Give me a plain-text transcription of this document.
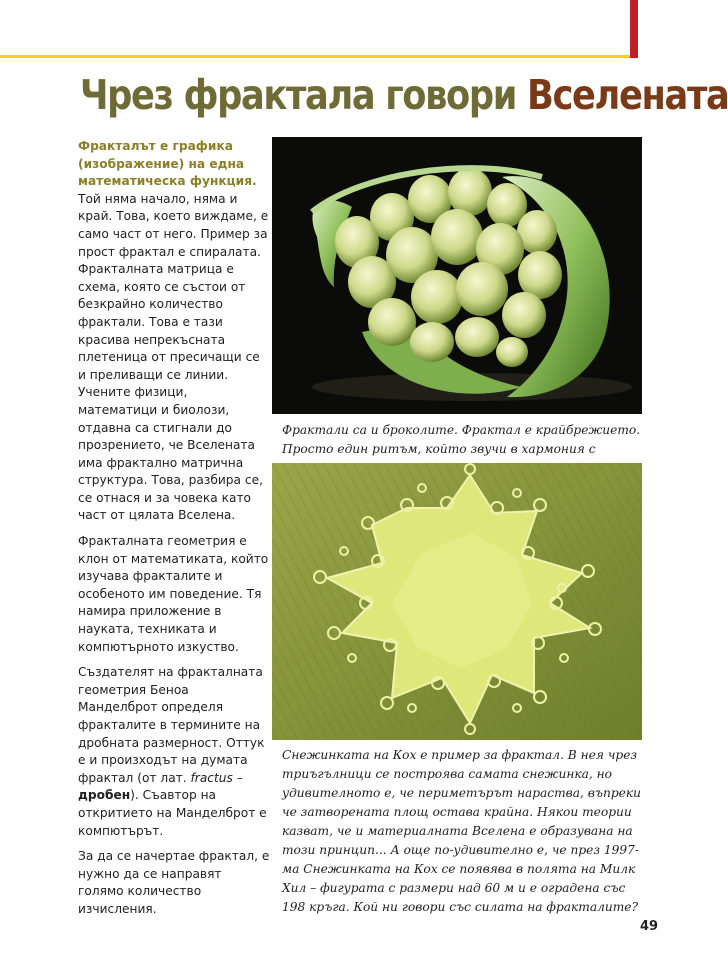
Чрез фрактала говори Вселената

Фракталът е графика (изображение) на една математическа функция. Той няма начало, няма и край. Това, което виждаме, е само част от него. Пример за прост фрактал е спиралата. Фракталната матрица е схема, която се състои от безкрайно количество фрактали. Това е тази красива непрекъсната плетеница от пресичащи се и преливащи се линии. Учените физици, математици и биолози, отдавна са стигнали до прозрението, че Вселената има фрактално матрична структура. Това, разбира се, се отнася и за човека като част от цялата Вселена.

Фракталната геометрия е клон от математиката, който изучава фракталите и особеното им поведение. Тя намира приложение в науката, техниката и компютърното изкуство.

Създателят на фракталната геометрия Беноа Манделброт определя фракталите в термините на дробната размерност. Оттук е и произходът на думата фрактал (от лат. fractus – дробен). Съавтор на откритието на Манделброт е компютърът.

За да се начертае фрактал, е нужно да се направят голямо количество изчисления.

Фрактали са и броколите. Фрактал е крайбрежието. Просто един ритъм, който звучи в хармония с
Снежинката на Кох е пример за фрактал. В нея чрез триъгълници се построява самата снежинка, но удивителното е, че периметърът нараства, въпреки че затворената площ остава крайна. Някои теории казват, че и материалната Вселена е образувана на този принцип... А още по-удивително е, че през 1997-ма Снежинката на Кох се появява в полята на Милк Хил – фигурата с размери над 60 м и е оградена със 198 кръга. Кой ни говори със силата на фракталите?
49
